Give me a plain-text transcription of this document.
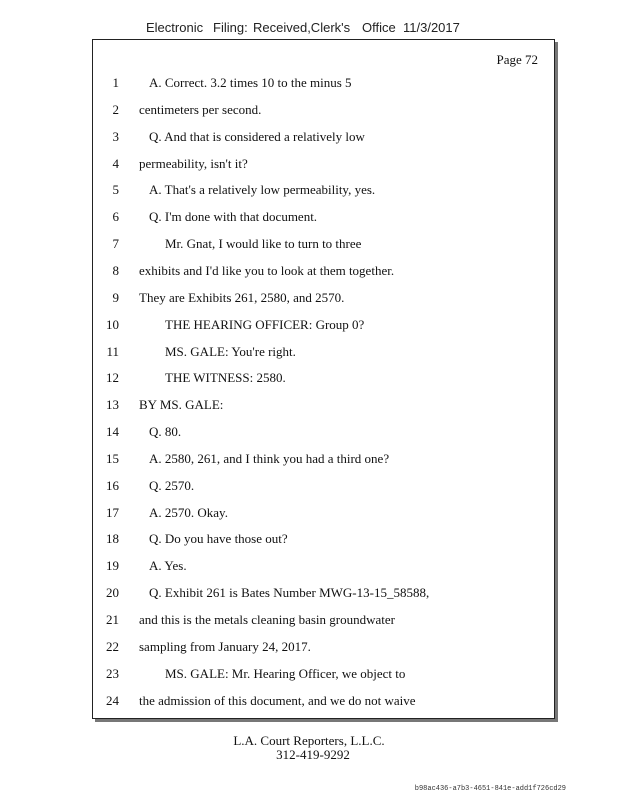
Electronic Filing: Received,Clerk's Office 11/3/2017
Page 72
1 A. Correct. 3.2 times 10 to the minus 5
2 centimeters per second.
3 Q. And that is considered a relatively low
4 permeability, isn't it?
5 A. That's a relatively low permeability, yes.
6 Q. I'm done with that document.
7	Mr. Gnat, I would like to turn to three
8 exhibits and I'd like you to look at them together.
9 They are Exhibits 261, 2580, and 2570.
10	THE HEARING OFFICER: Group 0?
11	MS. GALE: You're right.
12	THE WITNESS: 2580.
13 BY MS. GALE:
14 Q. 80.
15 A. 2580, 261, and I think you had a third one?
16 Q. 2570.
17 A. 2570. Okay.
18 Q. Do you have those out?
19 A. Yes.
20 Q. Exhibit 261 is Bates Number MWG-13-15_58588,
21 and this is the metals cleaning basin groundwater
22 sampling from January 24, 2017.
23	MS. GALE: Mr. Hearing Officer, we object to
24 the admission of this document, and we do not waive
L.A. Court Reporters, L.L.C.
312-419-9292
b98ac436-a7b3-4651-841e-add1f726cd29
